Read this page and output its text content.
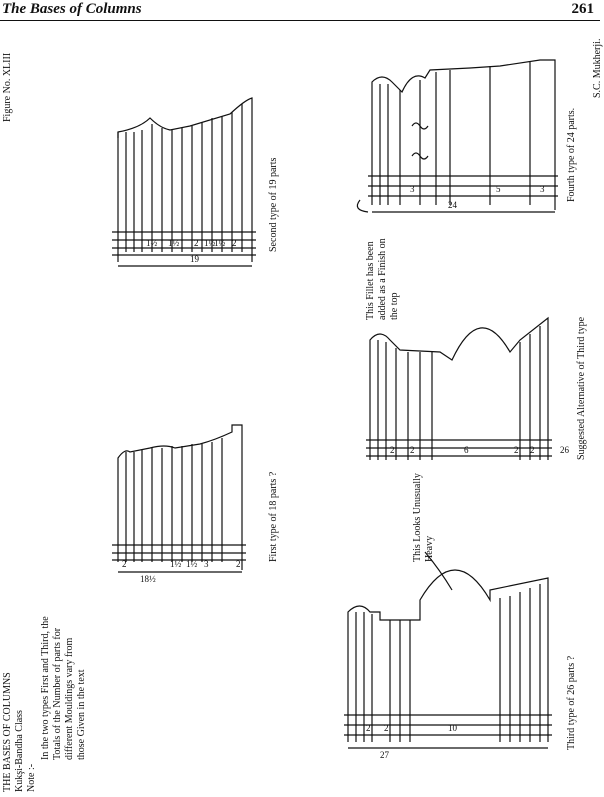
The Bases of Columns	261
Figure No. XLIII
THE BASES OF COLUMNS Kukşi-Bandha Class Note :-
In the two types First and Third, the Totals of the Number of parts for different Mouldings vary from those Given in the text
Second type of 19 parts
First type of 18 parts ?
Third type of 26 parts ?
Suggested Alternative of Third type
Fourth type of 24 parts.
S.C. Mukherji.
This Looks Unusually Heavy
This Fillet has been added as a Finish on the top
1½ 1½ 2 1½
1½ 2
19
2	1½ 1½ 3	2
18½
2 2	10
27
2 2	6	2 2	26
3	5	3
24
